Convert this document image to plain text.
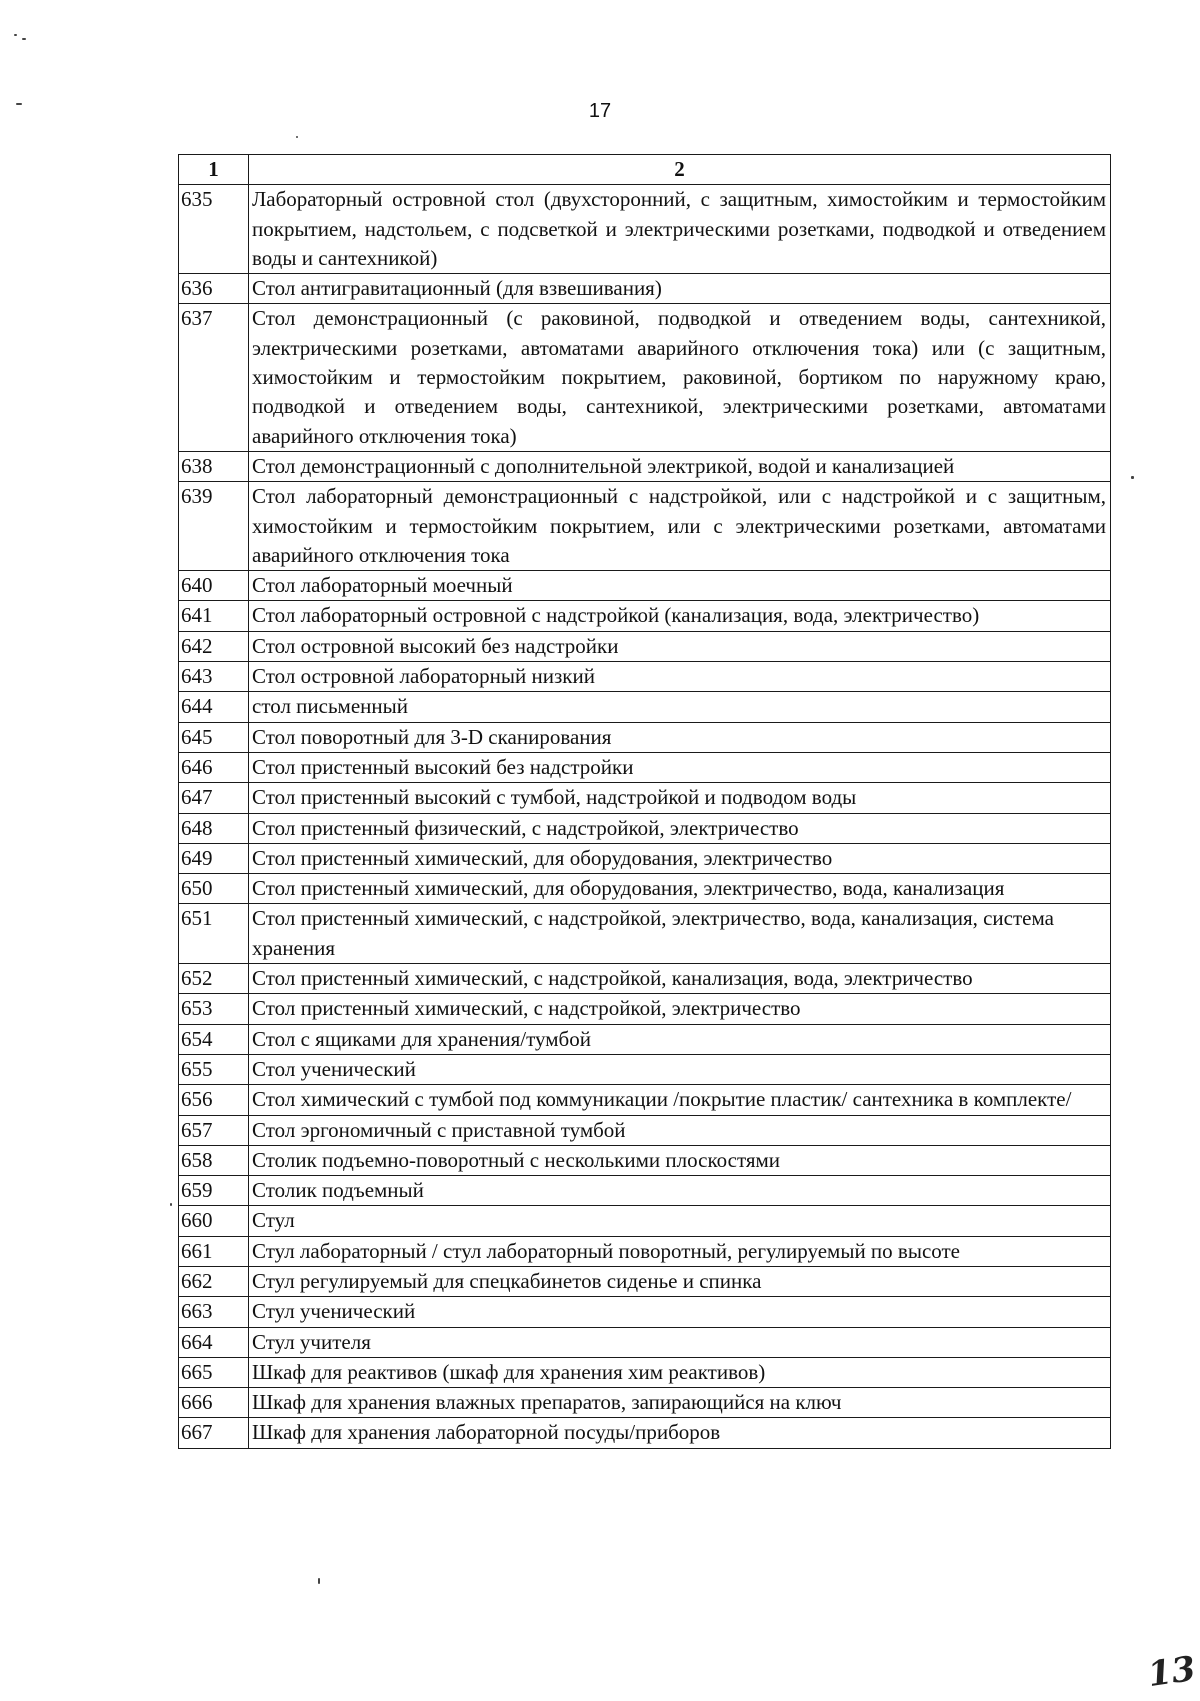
17
1	2
635	Лабораторный островной стол (двухсторонний, с защитным, химостойким и термостойким покрытием, надстольем, с подсветкой и электрическими розетками, подводкой и отведением воды и сантехникой)
636	Стол антигравитационный (для взвешивания)
637	Стол демонстрационный (с раковиной, подводкой и отведением воды, сантехникой, электрическими розетками, автоматами аварийного отключения тока) или (с защитным, химостойким и термостойким покрытием, раковиной, бортиком по наружному краю, подводкой и отведением воды, сантехникой, электрическими розетками, автоматами аварийного отключения тока)
638	Стол демонстрационный с дополнительной электрикой, водой и канализацией
639	Стол лабораторный демонстрационный с надстройкой, или с надстройкой и с защитным, химостойким и термостойким покрытием, или с электрическими розетками, автоматами аварийного отключения тока
640	Стол лабораторный моечный
641	Стол лабораторный островной с надстройкой (канализация, вода, электричество)
642	Стол островной высокий без надстройки
643	Стол островной лабораторный низкий
644	стол письменный
645	Стол поворотный для 3-D сканирования
646	Стол пристенный высокий без надстройки
647	Стол пристенный высокий с тумбой, надстройкой и подводом воды
648	Стол пристенный физический, с надстройкой, электричество
649	Стол пристенный химический, для оборудования, электричество
650	Стол пристенный химический, для оборудования, электричество, вода, канализация
651	Стол пристенный химический, с надстройкой, электричество, вода, канализация, система хранения
652	Стол пристенный химический, с надстройкой, канализация, вода, электричество
653	Стол пристенный химический, с надстройкой, электричество
654	Стол с ящиками для хранения/тумбой
655	Стол ученический
656	Стол химический с тумбой под коммуникации /покрытие пластик/ сантехника в комплекте/
657	Стол эргономичный с приставной тумбой
658	Столик подъемно-поворотный с несколькими плоскостями
659	Столик подъемный
660	Стул
661	Стул лабораторный / стул лабораторный поворотный, регулируемый по высоте
662	Стул регулируемый для спецкабинетов сиденье и спинка
663	Стул ученический
664	Стул учителя
665	Шкаф для реактивов (шкаф для хранения хим реактивов)
666	Шкаф для хранения влажных препаратов, запирающийся на ключ
667	Шкаф для хранения лабораторной посуды/приборов
13
